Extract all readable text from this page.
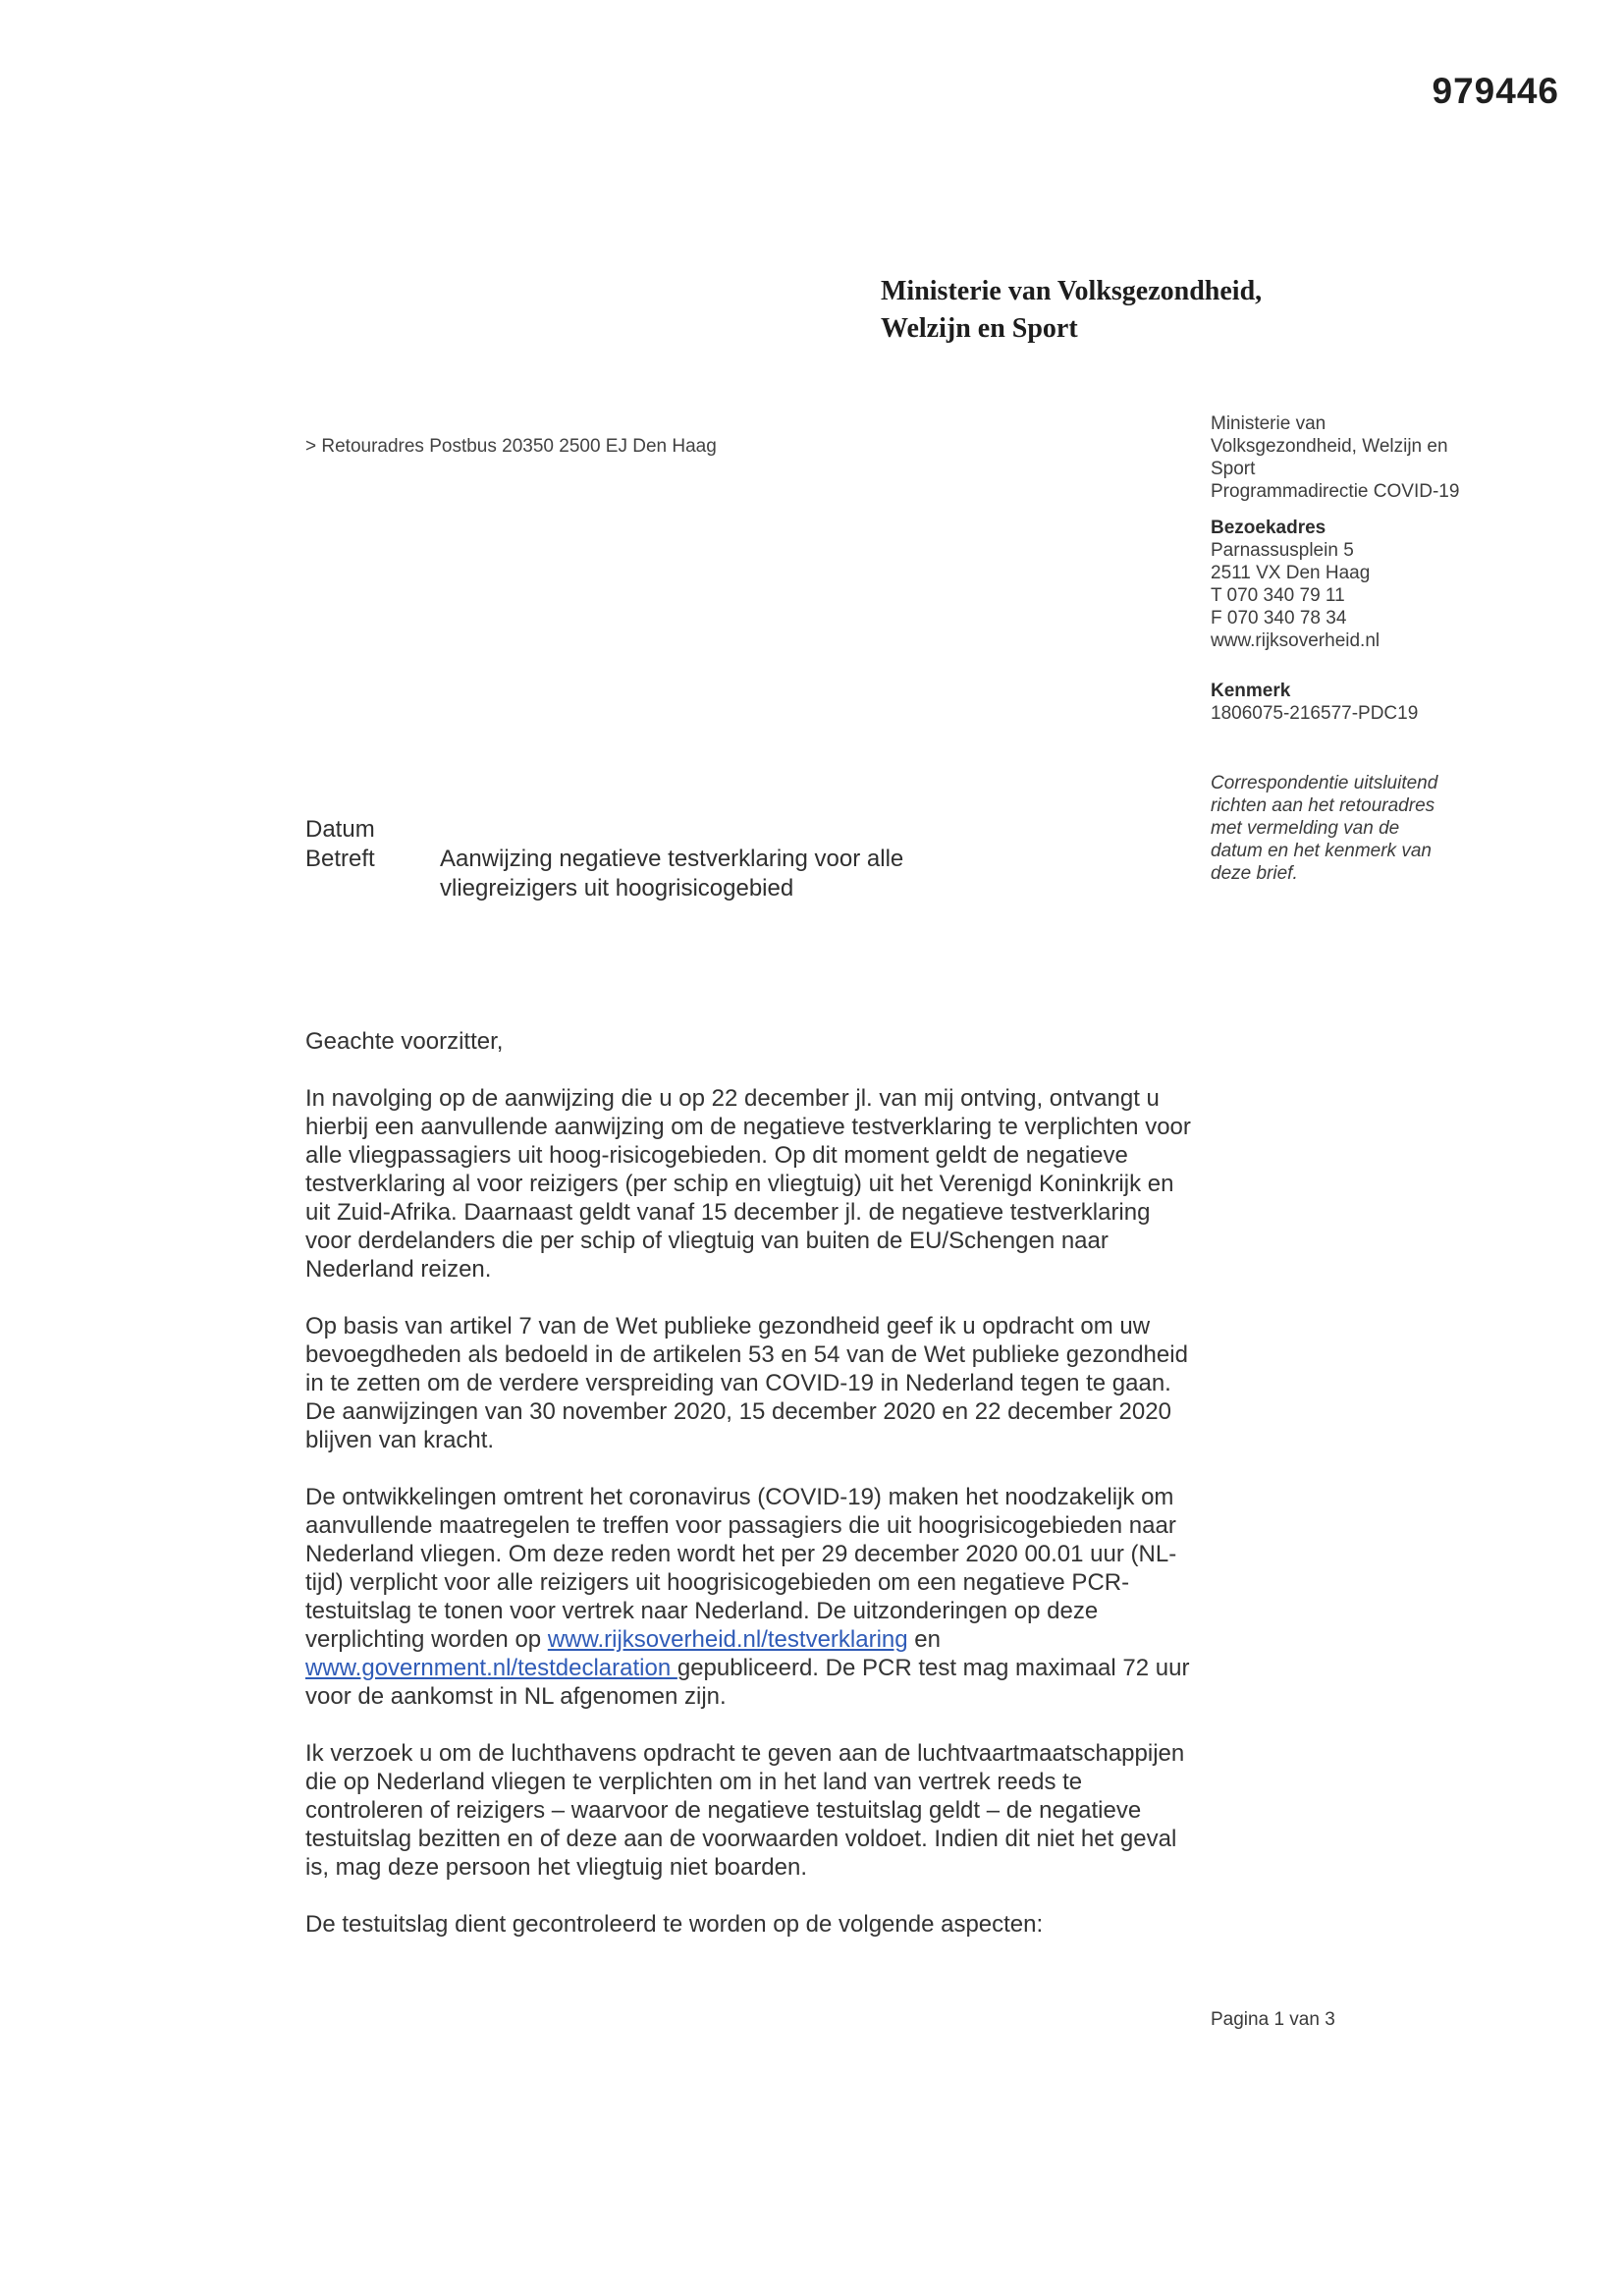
979446
Ministerie van Volksgezondheid,
Welzijn en Sport
> Retouradres Postbus 20350 2500 EJ Den Haag
Ministerie van
Volksgezondheid, Welzijn en
Sport
Programmadirectie COVID-19
Bezoekadres
Parnassusplein 5
2511 VX Den Haag
T 070 340 79 11
F 070 340 78 34
www.rijksoverheid.nl
Kenmerk
1806075-216577-PDC19
Correspondentie uitsluitend richten aan het retouradres met vermelding van de datum en het kenmerk van deze brief.
Datum
Betreft	Aanwijzing negatieve testverklaring voor alle vliegreizigers uit hoogrisicogebied

Geachte voorzitter,

In navolging op de aanwijzing die u op 22 december jl. van mij ontving, ontvangt u hierbij een aanvullende aanwijzing om de negatieve testverklaring te verplichten voor alle vliegpassagiers uit hoog-risicogebieden. Op dit moment geldt de negatieve testverklaring al voor reizigers (per schip en vliegtuig) uit het Verenigd Koninkrijk en uit Zuid-Afrika. Daarnaast geldt vanaf 15 december jl. de negatieve testverklaring voor derdelanders die per schip of vliegtuig van buiten de EU/Schengen naar Nederland reizen.

Op basis van artikel 7 van de Wet publieke gezondheid geef ik u opdracht om uw bevoegdheden als bedoeld in de artikelen 53 en 54 van de Wet publieke gezondheid in te zetten om de verdere verspreiding van COVID-19 in Nederland tegen te gaan. De aanwijzingen van 30 november 2020, 15 december 2020 en 22 december 2020 blijven van kracht.

De ontwikkelingen omtrent het coronavirus (COVID-19) maken het noodzakelijk om aanvullende maatregelen te treffen voor passagiers die uit hoogrisicogebieden naar Nederland vliegen. Om deze reden wordt het per 29 december 2020 00.01 uur (NL-tijd) verplicht voor alle reizigers uit hoogrisicogebieden om een negatieve PCR-testuitslag te tonen voor vertrek naar Nederland. De uitzonderingen op deze verplichting worden op www.rijksoverheid.nl/testverklaring en www.government.nl/testdeclaration gepubliceerd. De PCR test mag maximaal 72 uur voor de aankomst in NL afgenomen zijn.

Ik verzoek u om de luchthavens opdracht te geven aan de luchtvaartmaatschappijen die op Nederland vliegen te verplichten om in het land van vertrek reeds te controleren of reizigers – waarvoor de negatieve testuitslag geldt – de negatieve testuitslag bezitten en of deze aan de voorwaarden voldoet. Indien dit niet het geval is, mag deze persoon het vliegtuig niet boarden.

De testuitslag dient gecontroleerd te worden op de volgende aspecten:

Pagina 1 van 3
